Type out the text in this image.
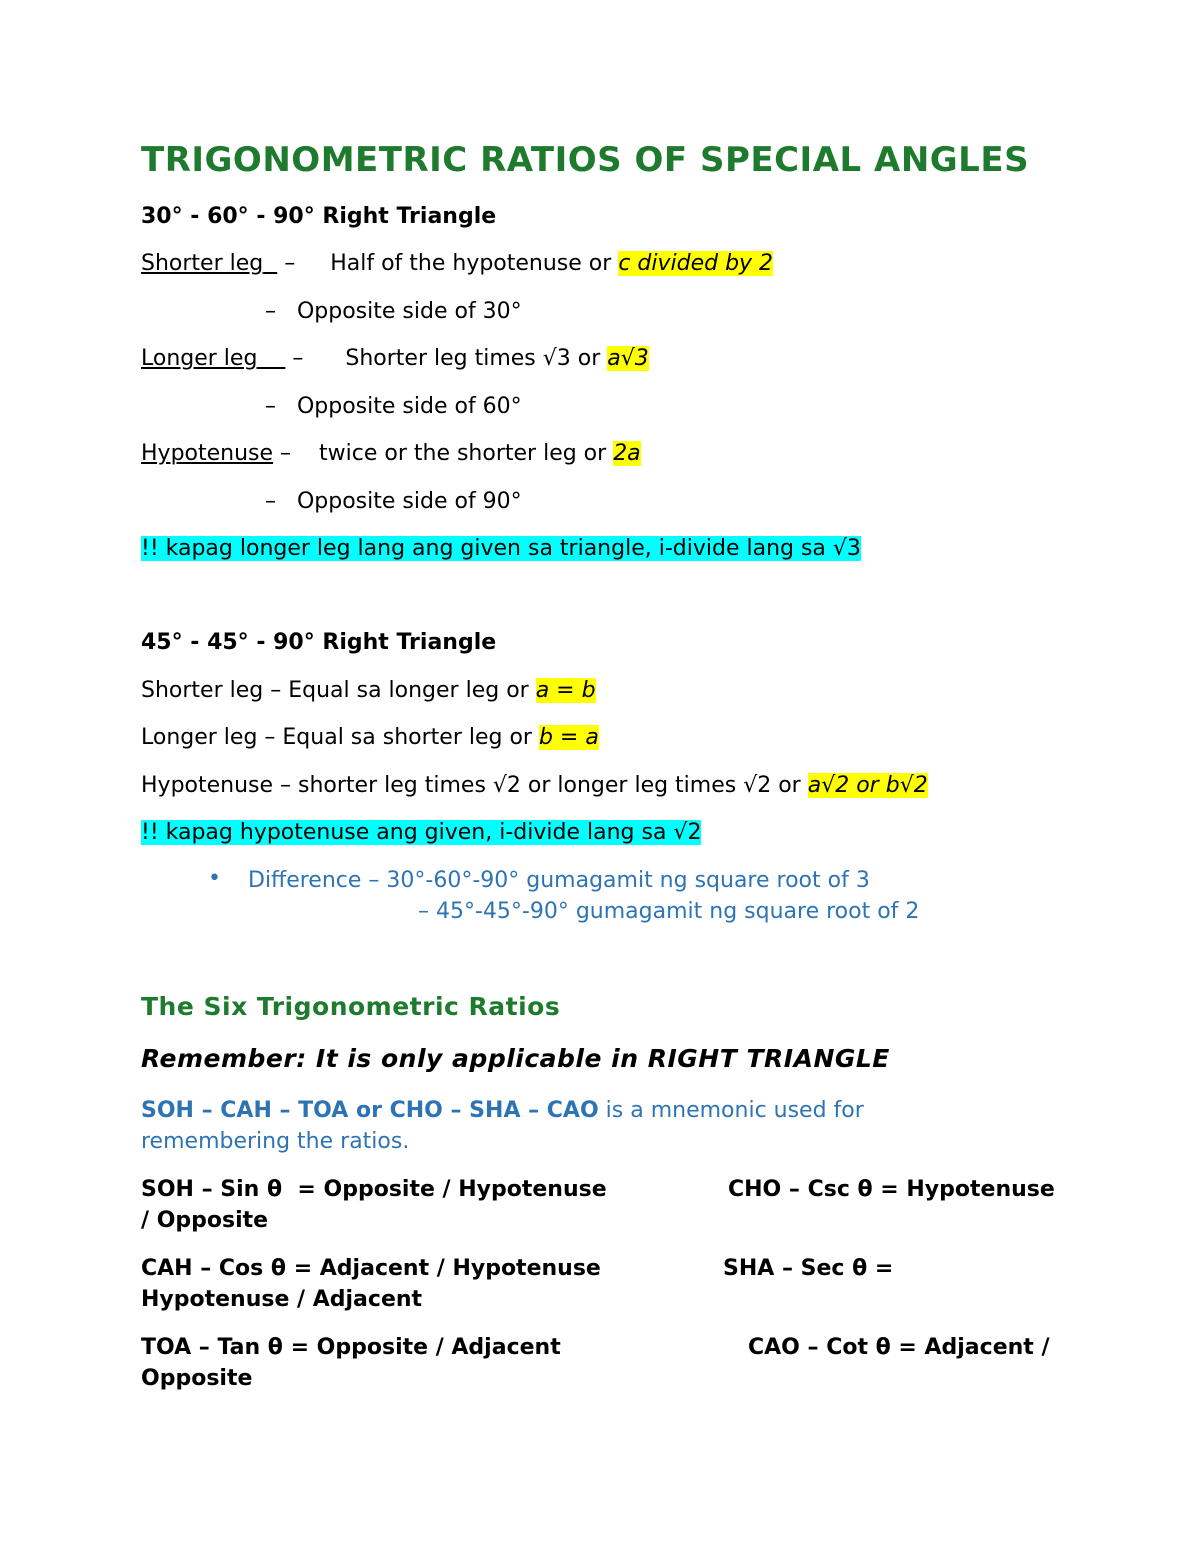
TRIGONOMETRIC RATIOS OF SPECIAL ANGLES
30° - 60° - 90° Right Triangle
Shorter leg   –     Half of the hypotenuse or c divided by 2
–   Opposite side of 30°
Longer leg     –      Shorter leg times √3 or a√3
–   Opposite side of 60°
Hypotenuse –    twice or the shorter leg or 2a
–   Opposite side of 90°
!! kapag longer leg lang ang given sa triangle, i-divide lang sa √3
45° - 45° - 90° Right Triangle
Shorter leg – Equal sa longer leg or a = b
Longer leg – Equal sa shorter leg or b = a
Hypotenuse – shorter leg times √2 or longer leg times √2 or a√2 or b√2
!! kapag hypotenuse ang given, i-divide lang sa √2
• Difference – 30°-60°-90° gumagamit ng square root of 3
– 45°-45°-90° gumagamit ng square root of 2
The Six Trigonometric Ratios
Remember: It is only applicable in RIGHT TRIANGLE
SOH – CAH – TOA or CHO – SHA – CAO is a mnemonic used for
remembering the ratios.
SOH – Sin θ  = Opposite / Hypotenuse	CHO – Csc θ = Hypotenuse
/ Opposite
CAH – Cos θ = Adjacent / Hypotenuse	SHA – Sec θ =
Hypotenuse / Adjacent
TOA – Tan θ = Opposite / Adjacent	CAO – Cot θ = Adjacent /
Opposite
